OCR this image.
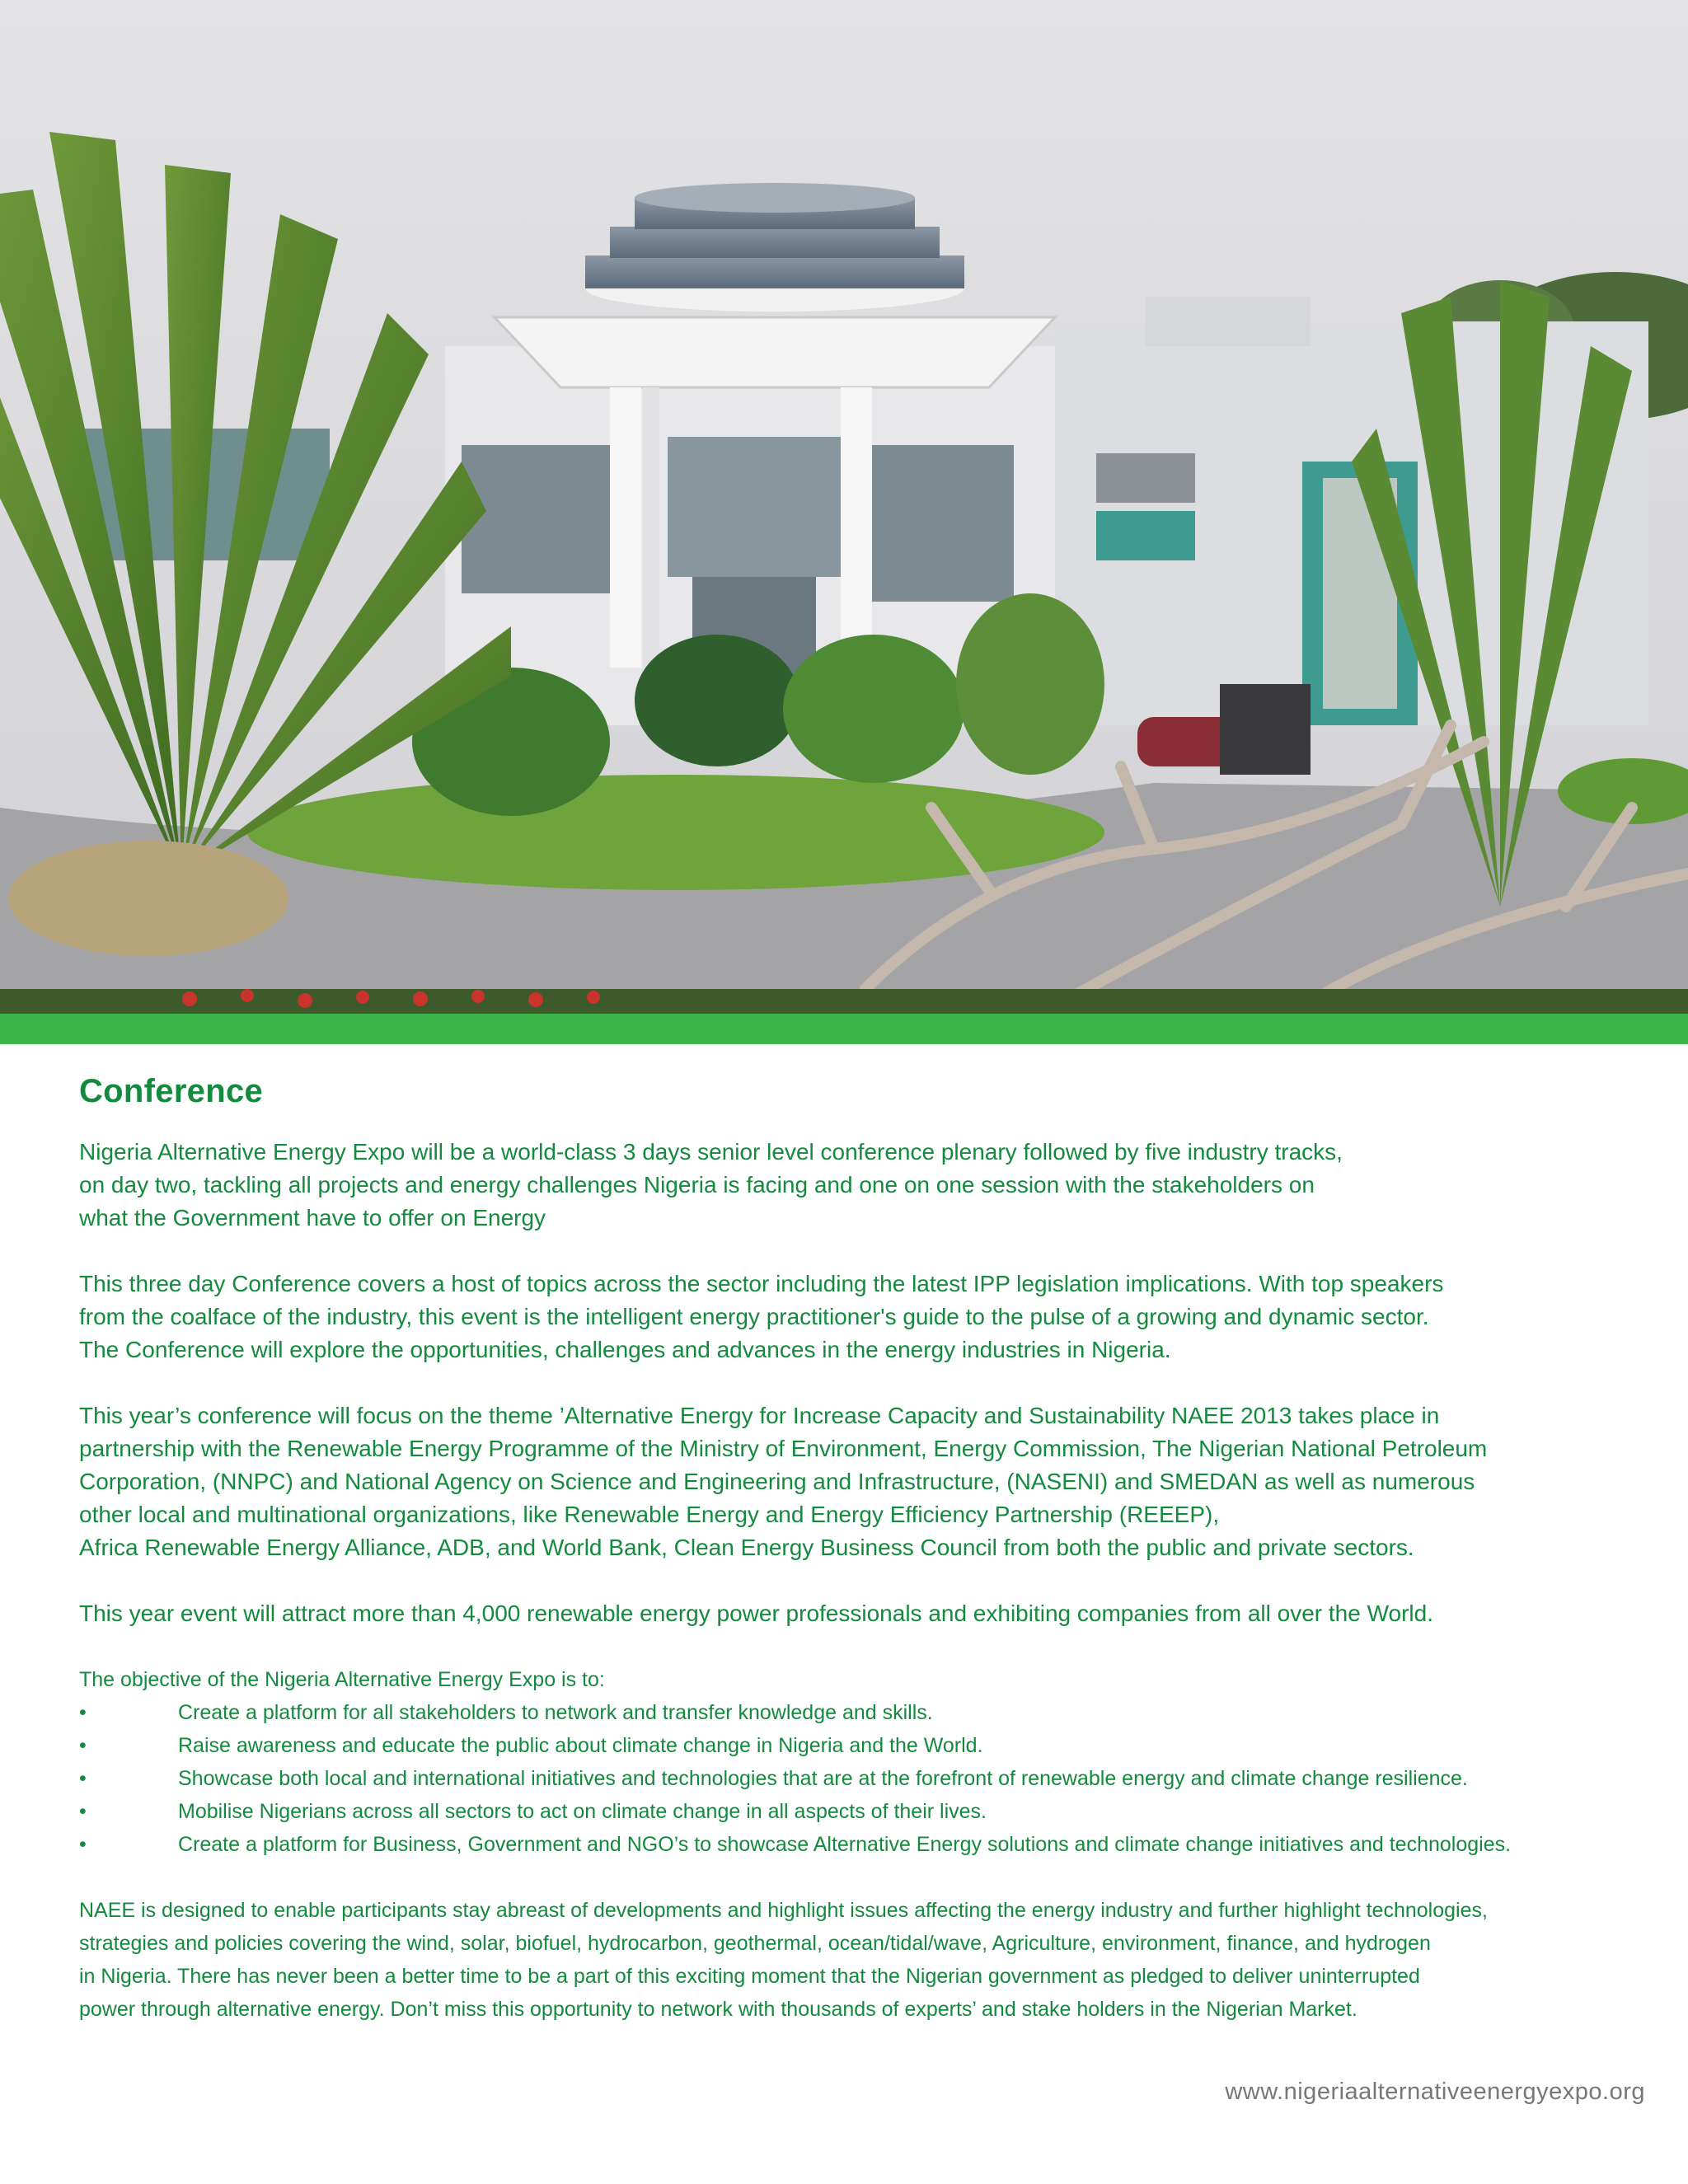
Conference

Nigeria Alternative Energy Expo will be a world-class 3 days senior level conference plenary followed by five industry tracks,
on day two, tackling all projects and energy challenges Nigeria is facing and one on one session with the stakeholders on
what the Government have to offer on Energy

This three day Conference covers a host of topics across the sector including the latest IPP legislation implications. With top speakers
from the coalface of the industry, this event is the intelligent energy practitioner's guide to the pulse of a growing and dynamic sector.
The Conference will explore the opportunities, challenges and advances in the energy industries in Nigeria.

This year’s conference will focus on the theme ’Alternative Energy for Increase Capacity and Sustainability NAEE 2013 takes place in
partnership with the Renewable Energy Programme of the Ministry of Environment, Energy Commission, The Nigerian National Petroleum
Corporation, (NNPC) and National Agency on Science and Engineering and Infrastructure, (NASENI) and SMEDAN as well as numerous
other local and multinational organizations, like Renewable Energy and Energy Efficiency Partnership (REEEP),
Africa Renewable Energy Alliance, ADB, and World Bank, Clean Energy Business Council from both the public and private sectors.

This year event will attract more than 4,000 renewable energy power professionals and exhibiting companies from all over the World.

The objective of the Nigeria Alternative Energy Expo is to:

•	Create a platform for all stakeholders to network and transfer knowledge and skills.
•	Raise awareness and educate the public about climate change in Nigeria and the World.
•	Showcase both local and international initiatives and technologies that are at the forefront of renewable energy and climate change resilience.
•	Mobilise Nigerians across all sectors to act on climate change in all aspects of their lives.
•	Create a platform for Business, Government and NGO’s to showcase Alternative Energy solutions and climate change initiatives and technologies.

NAEE is designed to enable participants stay abreast of developments and highlight issues affecting the energy industry and further highlight technologies,
strategies and policies covering the wind, solar, biofuel, hydrocarbon, geothermal, ocean/tidal/wave, Agriculture, environment, finance, and hydrogen
in Nigeria. There has never been a better time to be a part of this exciting moment that the Nigerian government as pledged to deliver uninterrupted
power through alternative energy. Don’t miss this opportunity to network with thousands of experts’ and stake holders in the Nigerian Market.

www.nigeriaalternativeenergyexpo.org
